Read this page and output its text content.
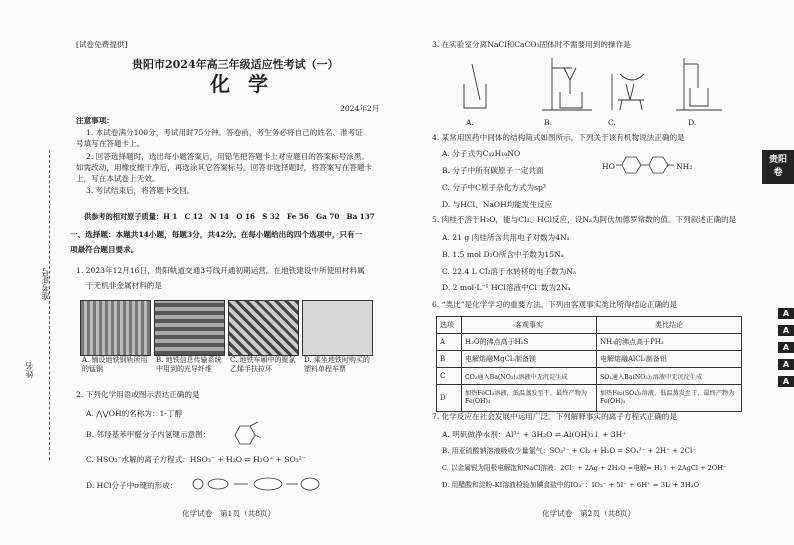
姓名
准考证号
[试卷免费提供]
贵阳市2024年高三年级适应性考试（一）
化学
2024年2月
注意事项：
1. 本试卷满分100分，考试用时75分钟。答卷前，考生务必将自己的姓名、准考证
号填写在答题卡上。
2. 回答选择题时，选出每小题答案后，用铅笔把答题卡上对应题目的答案标号涂黑。
如需改动，用橡皮擦干净后，再选涂其它答案标号。回答非选择题时，将答案写在答题卡
上，写在本试卷上无效。
3. 考试结束后，将答题卡交回。
供参考的相对原子质量：H 1　C 12　N 14　O 16　S 32　Fe 56　Ga 70　Ba 137
一、选择题：本题共14小题，每题3分，共42分。在每小题给出的四个选项中，只有一
项最符合题目要求。
1. 2023年12月16日，贵阳轨道交通3号线开通初期运营。在地铁建设中所使用材料属
于无机非金属材料的是
A. 铺设地铁钢轨所用的锰钢
B. 地铁信息传输系统中用到的光导纤维
C. 地铁车厢中的聚氯乙烯手扶拉环
D. 乘坐地铁时购买的塑料单程车票
2. 下列化学用语或图示表达正确的是
A. ⋀⋁OH的名称为：1-丁醇
B. 邻羟基苯甲醛分子内氢键示意图：
C. HSO₃⁻水解的离子方程式：HSO₃⁻ + H₂O ⇌ H₃O⁺ + SO₃²⁻
D. HCl分子中σ键的形成：
化学试卷　第1页（共8页）
3. 在实验室分离NaCl和CaCO₃固体时不需要用到的操作是
A.	B.	C.	D.
4. 某常用医药中间体的结构简式如图所示。下列关于该有机物说法正确的是
A. 分子式为C₁₂H₁₀NO
B. 分子中所有碳原子一定共面
C. 分子中C原子杂化方式为sp³
D. 与HCl、NaOH均能发生反应
HO	NH₂
5. 肉桂不溶于H₂O，能与Cl₂、HCl反应，设Nₐ为阿伏加德罗常数的值。下列叙述正确的是
A. 21 g 肉桂所含共用电子对数为4Nₐ
B. 1.5 mol D₂O所含中子数为15Nₐ
C. 22.4 L Cl₂溶于水转移的电子数为Nₐ
D. 2 mol·L⁻¹ HCl溶液中Cl⁻数为2Nₐ
6. “类比”是化学学习的重要方法。下列由客观事实类比所得结论正确的是
选项	客观事实	类比结论
A	H₂O的沸点高于H₂S	NH₃的沸点高于PH₃
B	电解熔融MgCl₂制备镁	电解熔融AlCl₃制备铝
C	CO₂通入Ba(NO₃)₂溶液中无沉淀生成	SO₂通入Ba(NO₃)₂溶液中无沉淀生成
D	加热FeCl₃溶液，低温蒸发至干，最终产物为Fe(OH)₃	加热Fe₂(SO₄)₃溶液，低温蒸发至干，最终产物为Fe(OH)₃
7. 化学反应在社会发展中运用广泛。下列解释事实的离子方程式正确的是
A. 明矾做净水剂：Al³⁺ + 3H₂O ⇌ Al(OH)₃↓ + 3H⁺
B. 用亚硫酸钠溶液吸收少量氯气：SO₃²⁻ + Cl₂ + H₂O = SO₄²⁻ + 2H⁺ + 2Cl⁻
C. 以金属银为阳极电解饱和NaCl溶液：2Cl⁻ + 2Ag + 2H₂O =电解= H₂↑ + 2AgCl + 2OH⁻
D. 用醋酸和淀粉-KI溶液检验加碘食盐中的IO₃⁻：IO₃⁻ + 5I⁻ + 6H⁺ = 3I₂ + 3H₂O
化学试卷　第2页（共8页）
贵阳
卷
A
A
A
A
A
